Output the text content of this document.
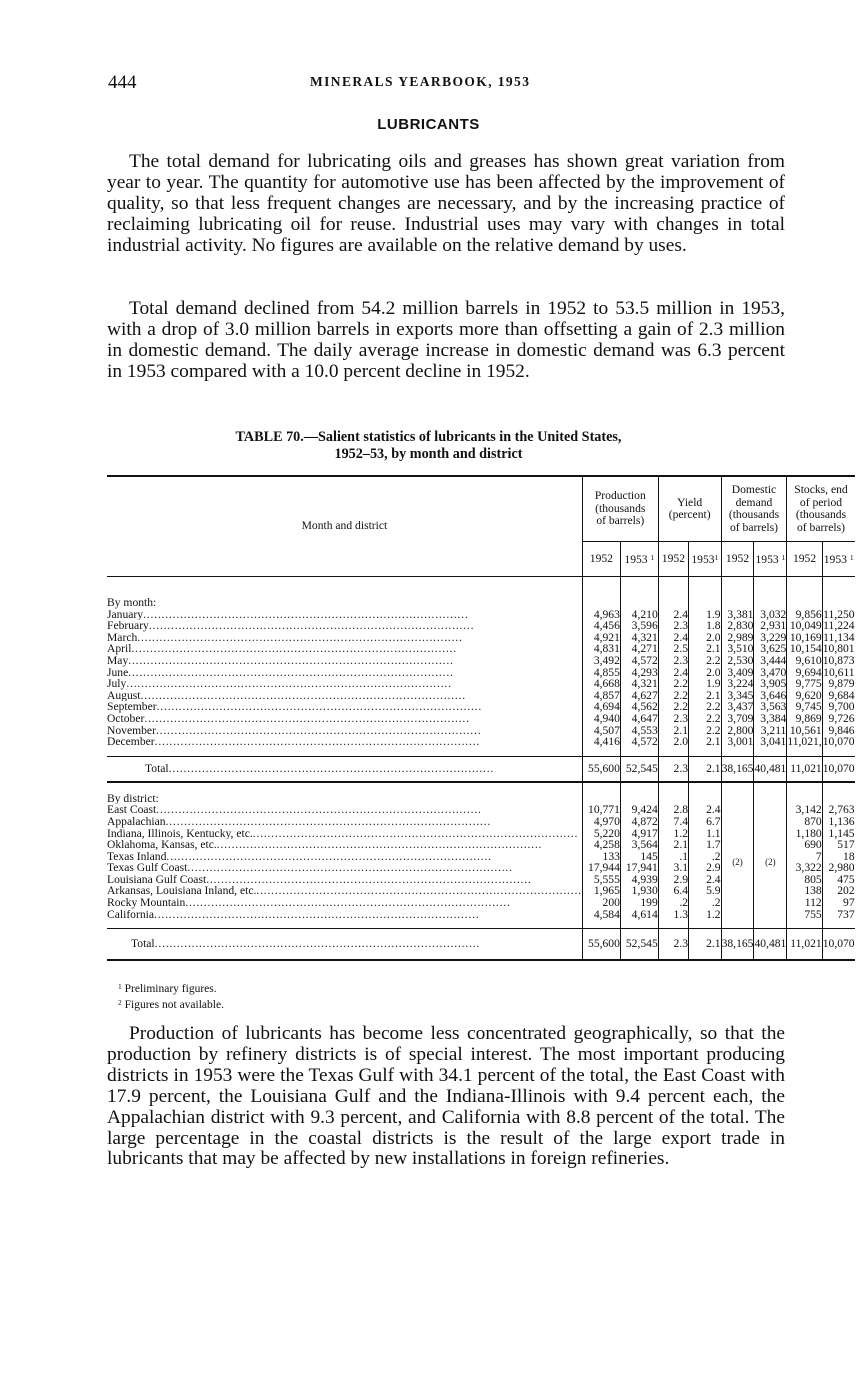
444	MINERALS YEARBOOK, 1953
LUBRICANTS

The total demand for lubricating oils and greases has shown great variation from year to year. The quantity for automotive use has been affected by the improvement of quality, so that less frequent changes are necessary, and by the increasing practice of reclaiming lubricating oil for reuse. Industrial uses may vary with changes in total industrial activity. No figures are available on the relative demand by uses.

Total demand declined from 54.2 million barrels in 1952 to 53.5 million in 1953, with a drop of 3.0 million barrels in exports more than offsetting a gain of 2.3 million in domestic demand. The daily average increase in domestic demand was 6.3 percent in 1953 compared with a 10.0 percent decline in 1952.

TABLE 70.—Salient statistics of lubricants in the United States,
1952–53, by month and district
Month and district	Production (thousands of barrels)		Yield (percent)		Domestic demand (thousands of barrels)		Stocks, end of period (thousands of barrels)	
	1952	1953 $^1$	1952	1953$^1$	1952	1953 $^1$	1952	1953 $^1$

By month:								
January .....	4,963	4,210	2.4	1.9	3,381	3,032	9,856	11,250
February .....	4,456	3,596	2.3	1.8	2,830	2,931	10,049	11,224
March .....	4,921	4,321	2.4	2.0	2,989	3,229	10,169	11,134
April .....	4,831	4,271	2.5	2.1	3,510	3,625	10,154	10,801
May .....	3,492	4,572	2.3	2.2	2,530	3,444	9,610	10,873
June .....	4,855	4,293	2.4	2.0	3,409	3,470	9,694	10,611
July .....	4,668	4,321	2.2	1.9	3,224	3,905	9,775	9,879
August .....	4,857	4,627	2.2	2.1	3,345	3,646	9,620	9,684
September .....	4,694	4,562	2.2	2.2	3,437	3,563	9,745	9,700
October .....	4,940	4,647	2.3	2.2	3,709	3,384	9,869	9,726
November .....	4,507	4,553	2.1	2.2	2,800	3,211	10,561	9,846
December .....	4,416	4,572	2.0	2.1	3,001	3,041	11,021,	10,070

Total .....	55,600	52,545	2.3	2.1	38,165	40,481	11,021	10,070

By district:								
East Coast .....	10,771	9,424	2.8	2.4	(2)	(2)	3,142	2,763
Appalachian .....	4,970	4,872	7.4	6.7			870	1,136
Indiana, Illinois, Kentucky, etc. .....	5,220	4,917	1.2	1.1			1,180	1,145
Oklahoma, Kansas, etc. .....	4,258	3,564	2.1	1.7			690	517
Texas Inland .....	133	145	.1	.2			7	18
Texas Gulf Coast .....	17,944	17,941	3.1	2.9			3,322	2,980
Louisiana Gulf Coast .....	5,555	4,939	2.9	2.4			805	475
Arkansas, Louisiana Inland, etc. .....	1,965	1,930	6.4	5.9			138	202
Rocky Mountain .....	200	199	.2	.2			112	97
California .....	4,584	4,614	1.3	1.2			755	737

Total .....	55,600	52,545	2.3	2.1	38,165	40,481	11,021	10,070
$^1$ Preliminary figures.
$^2$ Figures not available.

Production of lubricants has become less concentrated geographically, so that the production by refinery districts is of special interest. The most important producing districts in 1953 were the Texas Gulf with 34.1 percent of the total, the East Coast with 17.9 percent, the Louisiana Gulf and the Indiana-Illinois with 9.4 percent each, the Appalachian district with 9.3 percent, and California with 8.8 percent of the total. The large percentage in the coastal districts is the result of the large export trade in lubricants that may be affected by new installations in foreign refineries.
